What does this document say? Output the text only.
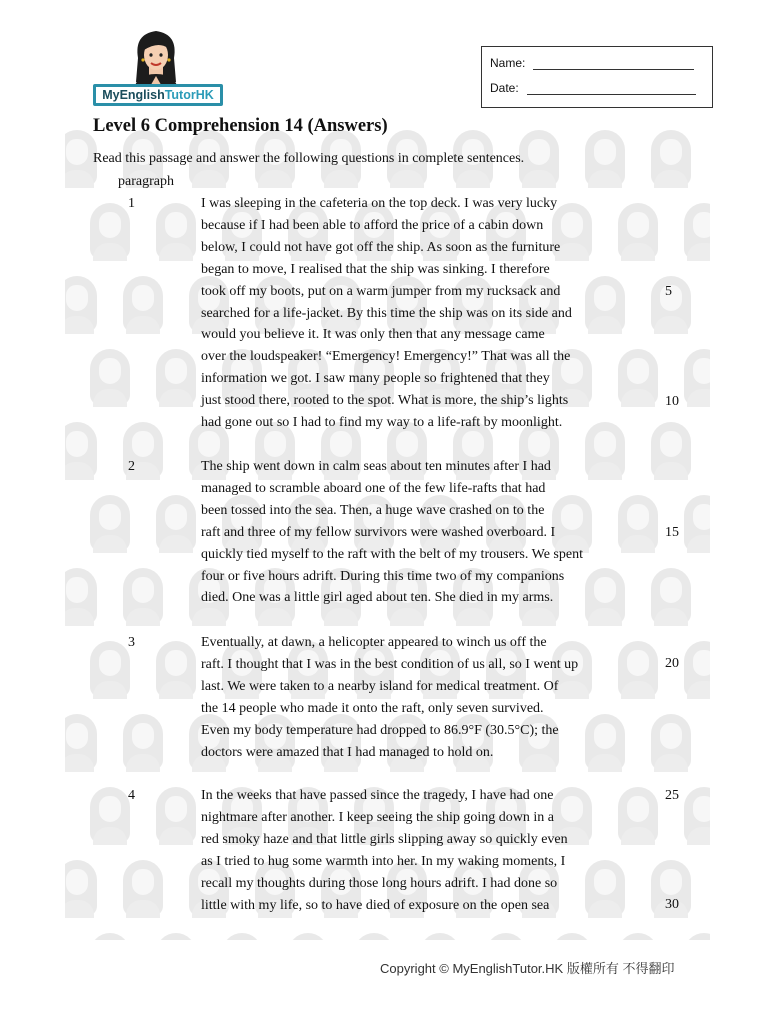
MyEnglishTutorHK
Name:
Date:
Level 6 Comprehension 14 (Answers)
Read this passage and answer the following questions in complete sentences.
paragraph
1	I was sleeping in the cafeteria on the top deck. I was very lucky
because if I had been able to afford the price of a cabin down
below, I could not have got off the ship. As soon as the furniture
began to move, I realised that the ship was sinking. I therefore
took off my boots, put on a warm jumper from my rucksack and
searched for a life-jacket. By this time the ship was on its side and
would you believe it. It was only then that any message came
over the loudspeaker! “Emergency! Emergency!” That was all the
information we got. I saw many people so frightened that they
just stood there, rooted to the spot. What is more, the ship’s lights
had gone out so I had to find my way to a life-raft by moonlight.
2	The ship went down in calm seas about ten minutes after I had
managed to scramble aboard one of the few life-rafts that had
been tossed into the sea. Then, a huge wave crashed on to the
raft and three of my fellow survivors were washed overboard. I
quickly tied myself to the raft with the belt of my trousers. We spent
four or five hours adrift. During this time two of my companions
died. One was a little girl aged about ten. She died in my arms.
3	Eventually, at dawn, a helicopter appeared to winch us off the
raft. I thought that I was in the best condition of us all, so I went up
last. We were taken to a nearby island for medical treatment. Of
the 14 people who made it onto the raft, only seven survived.
Even my body temperature had dropped to 86.9°F (30.5°C); the
doctors were amazed that I had managed to hold on.
4	In the weeks that have passed since the tragedy, I have had one
nightmare after another. I keep seeing the ship going down in a
red smoky haze and that little girls slipping away so quickly even
as I tried to hug some warmth into her. In my waking moments, I
recall my thoughts during those long hours adrift. I had done so
little with my life, so to have died of exposure on the open sea
5
10
15
20
25
30
Copyright © MyEnglishTutor.HK 版權所有 不得翻印
